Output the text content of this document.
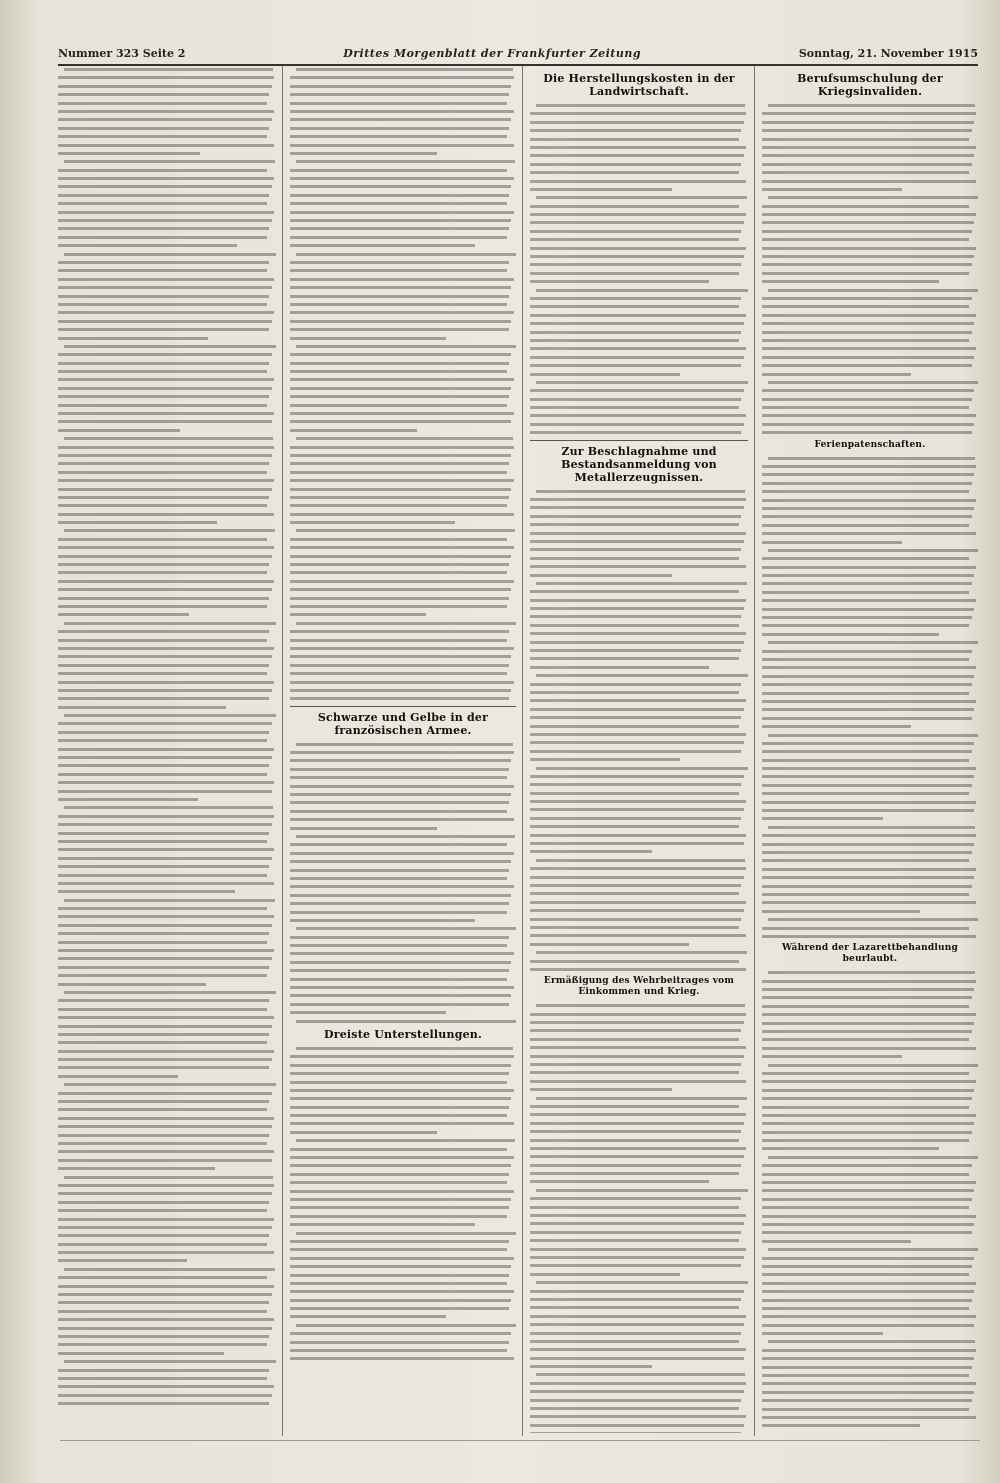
Nummer 323 Seite 2	Drittes Morgenblatt der Frankfurter Zeitung	Sonntag, 21. November 1915
Schwarze und Gelbe in der französischen Armee.
Dreiste Unterstellungen.
Die Herstellungskosten in der Landwirtschaft.
Zur Beschlagnahme und Bestandsanmeldung von Metallerzeugnissen.
Ermäßigung des Wehrbeitrages vom Einkommen und Krieg.
Berufsumschulung der Kriegsinvaliden.
Ferienpatenschaften.
Während der Lazarettbehandlung beurlaubt.
